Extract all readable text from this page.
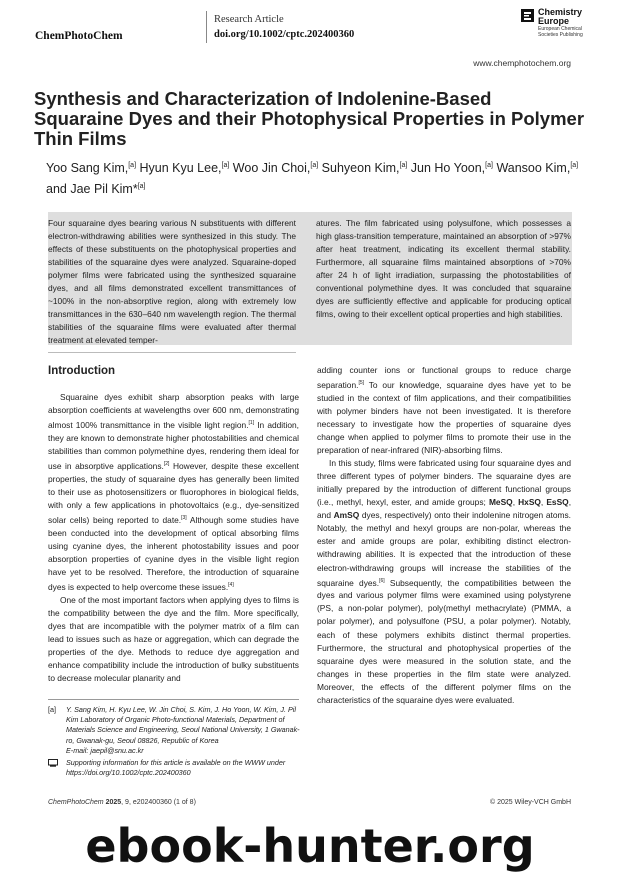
ChemPhotoChem
Research Article
doi.org/10.1002/cptc.202400360
Chemistry
Europe
European Chemical Societies Publishing
www.chemphotochem.org
Synthesis and Characterization of Indolenine-Based Squaraine Dyes and their Photophysical Properties in Polymer Thin Films
Yoo Sang Kim,[a] Hyun Kyu Lee,[a] Woo Jin Choi,[a] Suhyeon Kim,[a] Jun Ho Yoon,[a] Wansoo Kim,[a] and Jae Pil Kim*[a]
Four squaraine dyes bearing various N substituents with different electron-withdrawing abilities were synthesized in this study. The effects of these substituents on the photophysical properties and stabilities of the squaraine dyes were analyzed. Squaraine-doped polymer films were fabricated using the synthesized squaraine dyes, and all films demonstrated excellent transmittances of ~100% in the non-absorptive region, along with extremely low transmittances in the 630–640 nm wavelength region. The thermal stabilities of the squaraine films were evaluated after thermal treatment at elevated temper-
atures. The film fabricated using polysulfone, which possesses a high glass-transition temperature, maintained an absorption of >97% after heat treatment, indicating its excellent thermal stability. Furthermore, all squaraine films maintained absorptions of >70% after 24 h of light irradiation, surpassing the photostabilities of conventional polymethine dyes. It was concluded that squaraine dyes are sufficiently effective and applicable for producing optical films, owing to their excellent optical properties and high stabilities.
Introduction

Squaraine dyes exhibit sharp absorption peaks with large absorption coefficients at wavelengths over 600 nm, demonstrating almost 100% transmittance in the visible light region.[1] In addition, they are known to demonstrate higher photostabilities and chemical stabilities than common polymethine dyes, rendering them ideal for use in absorptive applications.[2] However, despite these excellent properties, the study of squaraine dyes has generally been limited to their use as photosensitizers or fluorophores in biological fields, with only a few applications in photovoltaics (e.g., dye-sensitized solar cells) being reported to date.[3] Although some studies have been conducted into the development of optical absorbing films using cyanine dyes, the inherent photostability issues and poor absorption properties of cyanine dyes in the visible light region have yet to be resolved. Therefore, the introduction of squaraine dyes is expected to help overcome these issues.[4]

One of the most important factors when applying dyes to films is the compatibility between the dye and the film. More specifically, dyes that are incompatible with the polymer matrix of a film can lead to issues such as haze or aggregation, which can degrade the properties of the dye. Methods to reduce dye aggregation and enhance compatibility include the introduction of bulky substituents to decrease molecular planarity and

adding counter ions or functional groups to reduce charge separation.[5] To our knowledge, squaraine dyes have yet to be studied in the context of film applications, and their compatibilities with polymer binders have not been investigated. It is therefore necessary to investigate how the properties of squaraine dyes change when applied to polymer films to promote their use in the preparation of near-infrared (NIR)-absorbing films.

In this study, films were fabricated using four squaraine dyes and three different types of polymer binders. The squaraine dyes are initially prepared by the introduction of different functional groups (i.e., methyl, hexyl, ester, and amide groups; MeSQ, HxSQ, EsSQ, and AmSQ dyes, respectively) onto their indolenine nitrogen atoms. Notably, the methyl and hexyl groups are non-polar, whereas the ester and amide groups are polar, exhibiting distinct electron-withdrawing abilities. It is expected that the introduction of these electron-withdrawing groups will increase the stabilities of the squaraine dyes.[6] Subsequently, the compatibilities between the dyes and various polymer films were examined using polystyrene (PS, a non-polar polymer), poly(methyl methacrylate) (PMMA, a polar polymer), and polysulfone (PSU, a polar polymer). Notably, each of these polymers exhibits distinct thermal properties. Furthermore, the structural and photophysical properties of the squaraine dyes were measured in the solution state, and the changes in these properties in the film state were analyzed. Moreover, the effects of the different polymer films on the characteristics of the squaraine dyes were evaluated.

[a] Y. Sang Kim, H. Kyu Lee, W. Jin Choi, S. Kim, J. Ho Yoon, W. Kim, J. Pil Kim Laboratory of Organic Photo-functional Materials, Department of Materials Science and Engineering, Seoul National University, 1 Gwanak-ro, Gwanak-gu, Seoul 08826, Republic of Korea
E-mail: jaepil@snu.ac.kr
Supporting information for this article is available on the WWW under https://doi.org/10.1002/cptc.202400360
ChemPhotoChem 2025, 9, e202400360 (1 of 8)	© 2025 Wiley-VCH GmbH
ebook-hunter.org
